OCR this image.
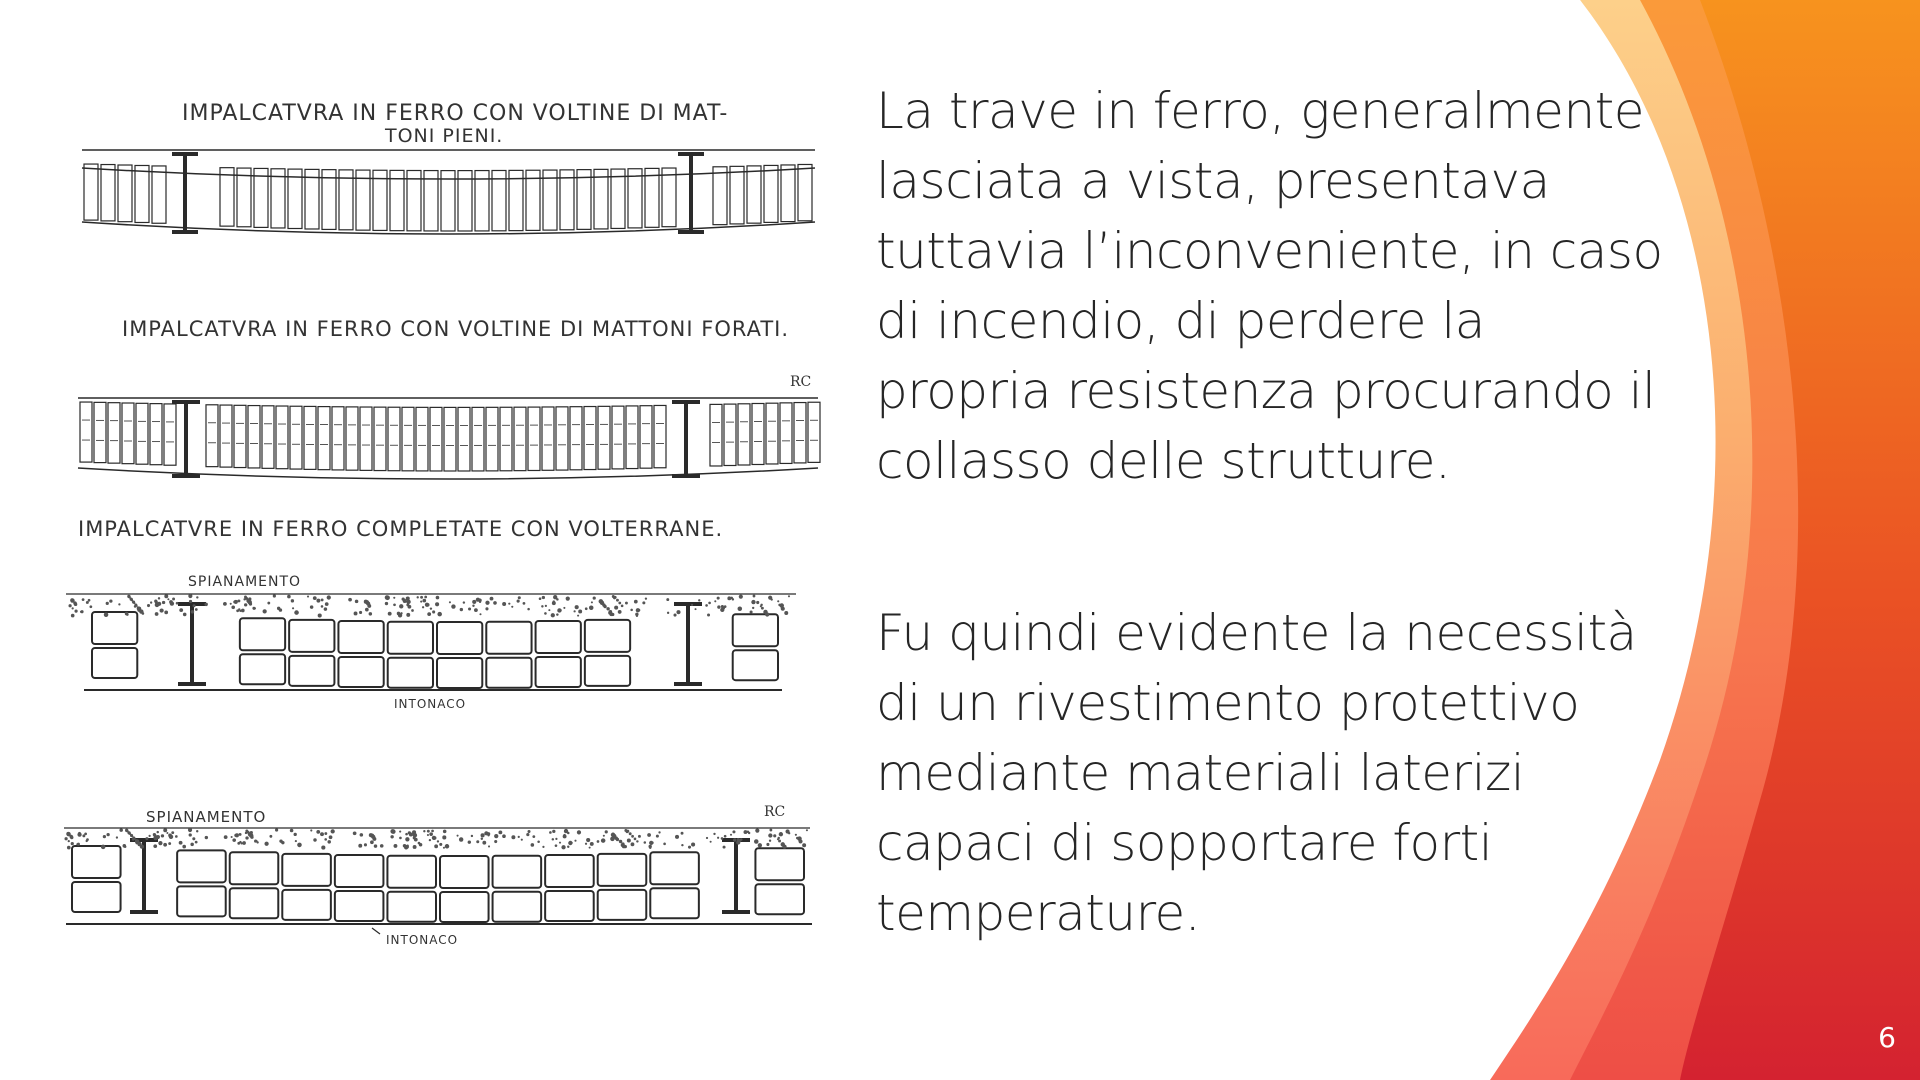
IMPALCATVRA IN FERRO CON VOLTINE DI MAT-
TONI PIENI.
IMPALCATVRA IN FERRO CON VOLTINE DI MATTONI FORATI.
IMPALCATVRE IN FERRO COMPLETATE CON VOLTERRANE.
RC
SPIANAMENTO
INTONACO
RC
SPIANAMENTO
INTONACO

La trave in ferro, generalmente lasciata a vista, presentava tuttavia l’inconveniente, in caso di incendio, di perdere la propria resistenza procurando il collasso delle strutture.

Fu quindi evidente la necessità di un rivestimento protettivo mediante materiali laterizi capaci di sopportare forti temperature.

6
